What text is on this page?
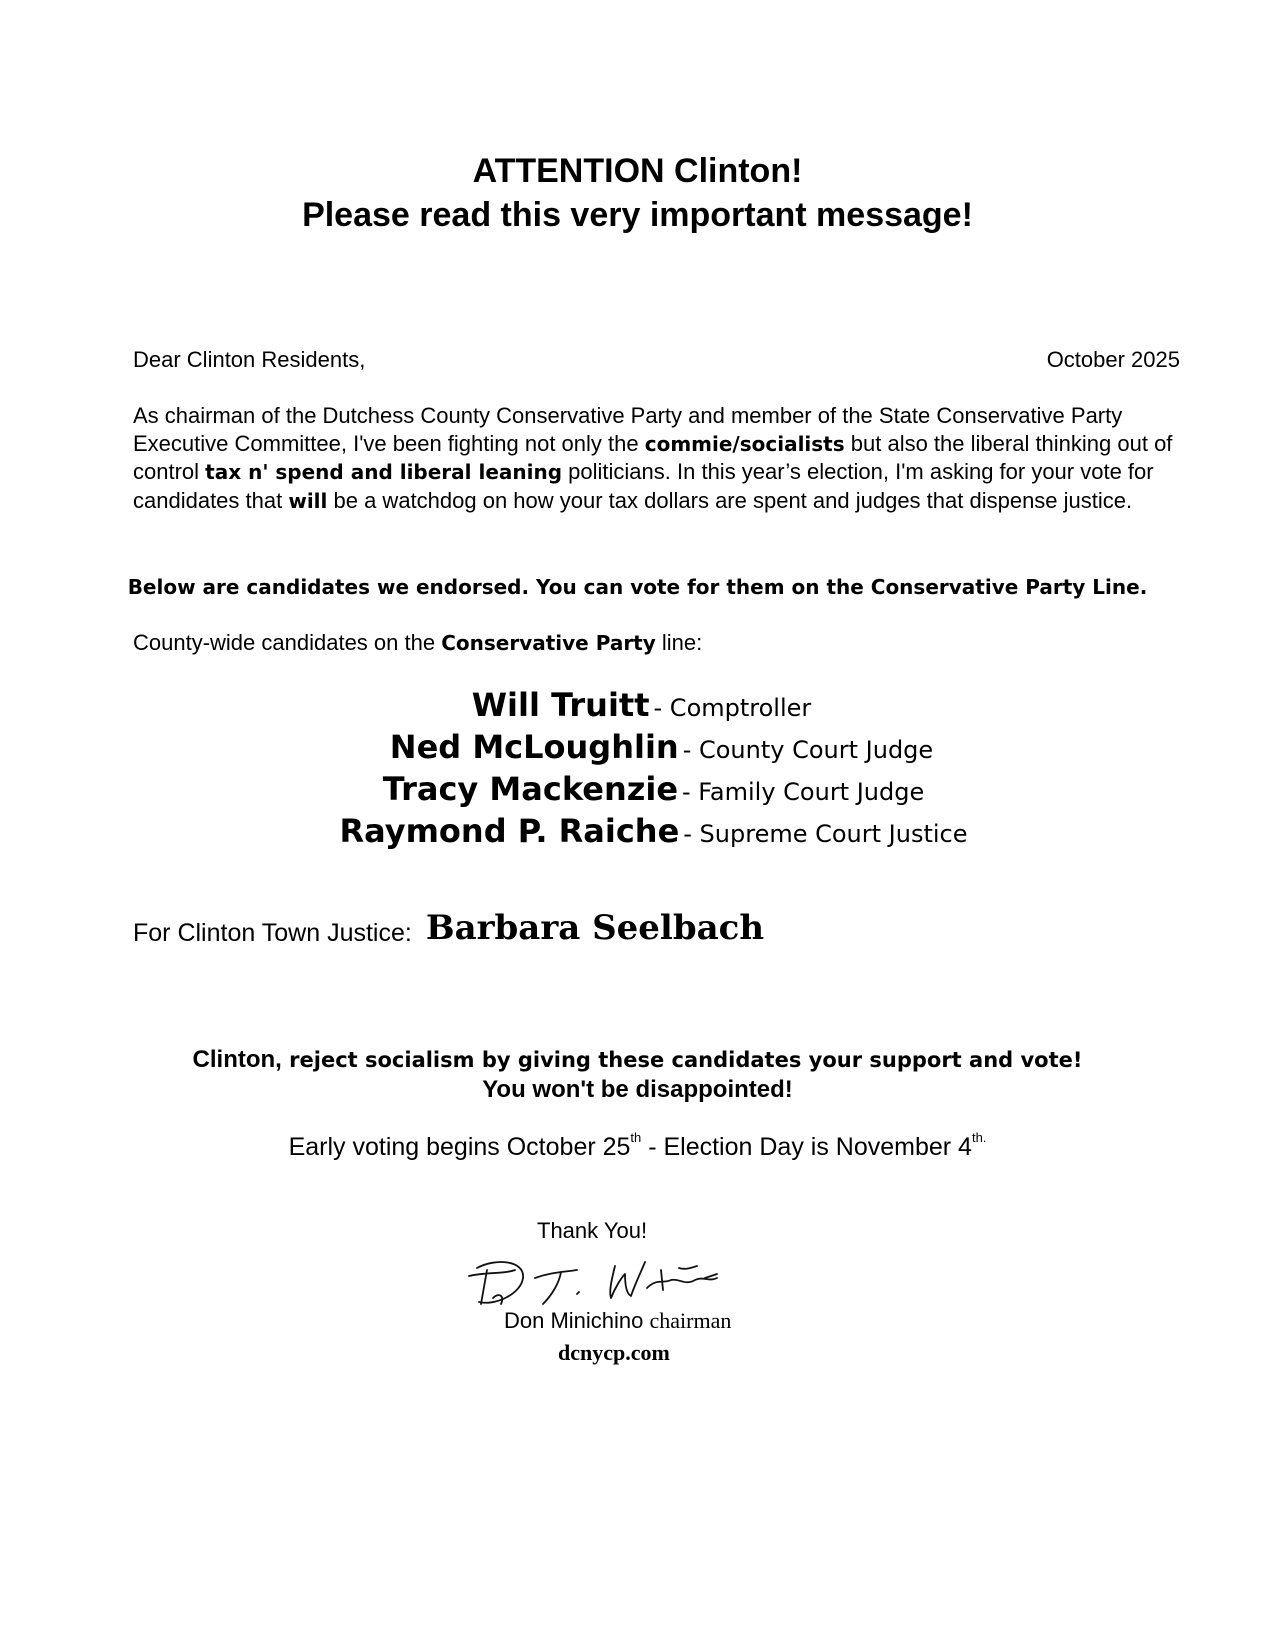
ATTENTION Clinton!
Please read this very important message!
Dear Clinton Residents,	October 2025
As chairman of the Dutchess County Conservative Party and member of the State Conservative Party Executive Committee, I've been fighting not only the commie/socialists but also the liberal thinking out of control tax n' spend and liberal leaning politicians. In this year’s election, I'm asking for your vote for candidates that will be a watchdog on how your tax dollars are spent and judges that dispense justice.
Below are candidates we endorsed. You can vote for them on the Conservative Party Line.
County-wide candidates on the Conservative Party line:
Will Truitt - Comptroller
Ned McLoughlin - County Court Judge
Tracy Mackenzie - Family Court Judge
Raymond P. Raiche - Supreme Court Justice
For Clinton Town Justice: Barbara Seelbach
Clinton, reject socialism by giving these candidates your support and vote!
You won't be disappointed!
Early voting begins October 25th - Election Day is November $4^{th.}$
Thank You!
Don Minichino chairman
dcnycp.com
